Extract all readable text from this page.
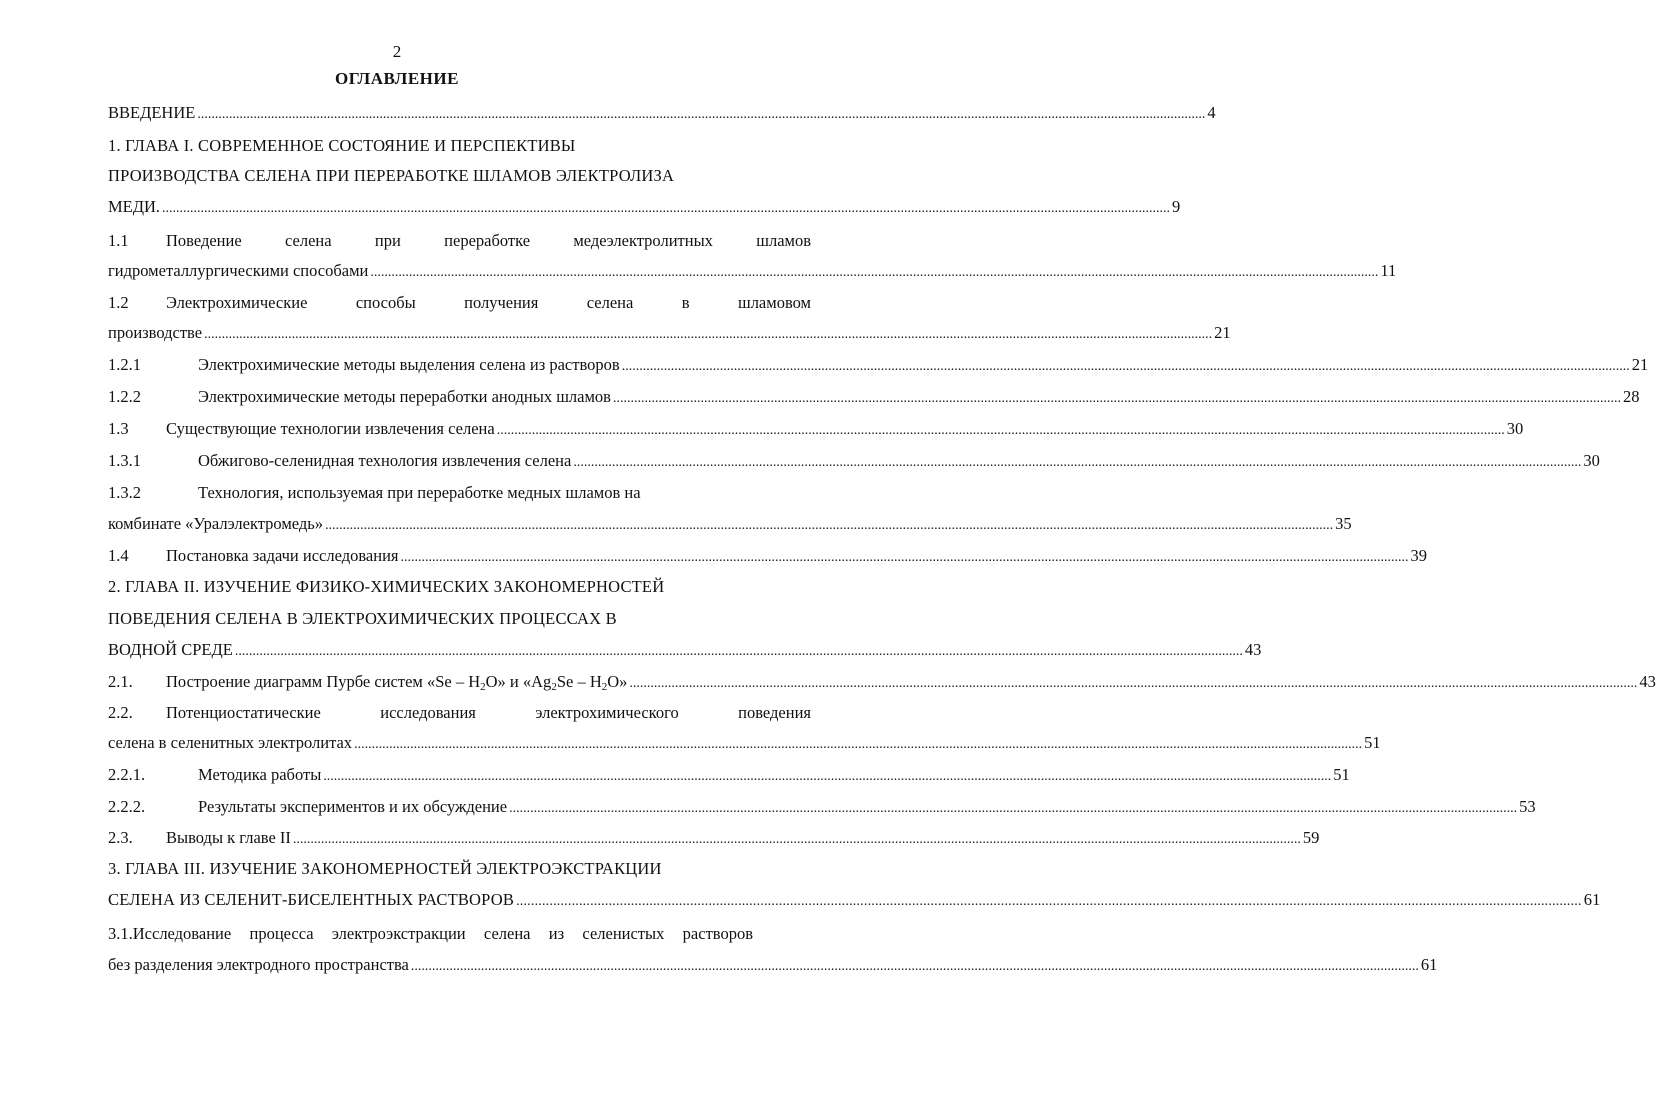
2
ОГЛАВЛЕНИЕ
ВВЕДЕНИЕ .....	4
1. ГЛАВА I. СОВРЕМЕННОЕ СОСТОЯНИЕ И ПЕРСПЕКТИВЫ
ПРОИЗВОДСТВА СЕЛЕНА ПРИ ПЕРЕРАБОТКЕ ШЛАМОВ ЭЛЕКТРОЛИЗА
МЕДИ. .....	9
1.1 Поведение селена при переработке медеэлектролитных шламов
гидрометаллургическими способами .....	11
1.2 Электрохимические способы получения селена в шламовом
производстве .....	21
1.2.1	Электрохимические методы выделения селена из растворов .....	21
1.2.2	Электрохимические методы переработки анодных шламов .....	28
1.3 Существующие технологии извлечения селена .....	30
1.3.1	Обжигово-селенидная технология извлечения селена .....	30
1.3.2	Технология, используемая при переработке медных шламов на
комбинате «Уралэлектромедь» .....	35
1.4 Постановка задачи исследования .....	39
2. ГЛАВА II. ИЗУЧЕНИЕ ФИЗИКО-ХИМИЧЕСКИХ ЗАКОНОМЕРНОСТЕЙ
ПОВЕДЕНИЯ СЕЛЕНА В ЭЛЕКТРОХИМИЧЕСКИХ ПРОЦЕССАХ В
ВОДНОЙ СРЕДЕ .....	43
2.1. Построение диаграмм Пурбе систем «Se – $H_2O$» и «$Ag_2Se - H_2O$» .....	43
2.2. Потенциостатические исследования электрохимического поведения
селена в селенитных электролитах .....	51
2.2.1.	Методика работы .....	51
2.2.2.	Результаты экспериментов и их обсуждение .....	53
2.3. Выводы к главе II .....	59
3. ГЛАВА III. ИЗУЧЕНИЕ ЗАКОНОМЕРНОСТЕЙ ЭЛЕКТРОЭКСТРАКЦИИ
СЕЛЕНА ИЗ СЕЛЕНИТ-БИСЕЛЕНТНЫХ РАСТВОРОВ .....	61
3.1.Исследование процесса электроэкстракции селена из селенистых растворов
без разделения электродного пространства .....	61
